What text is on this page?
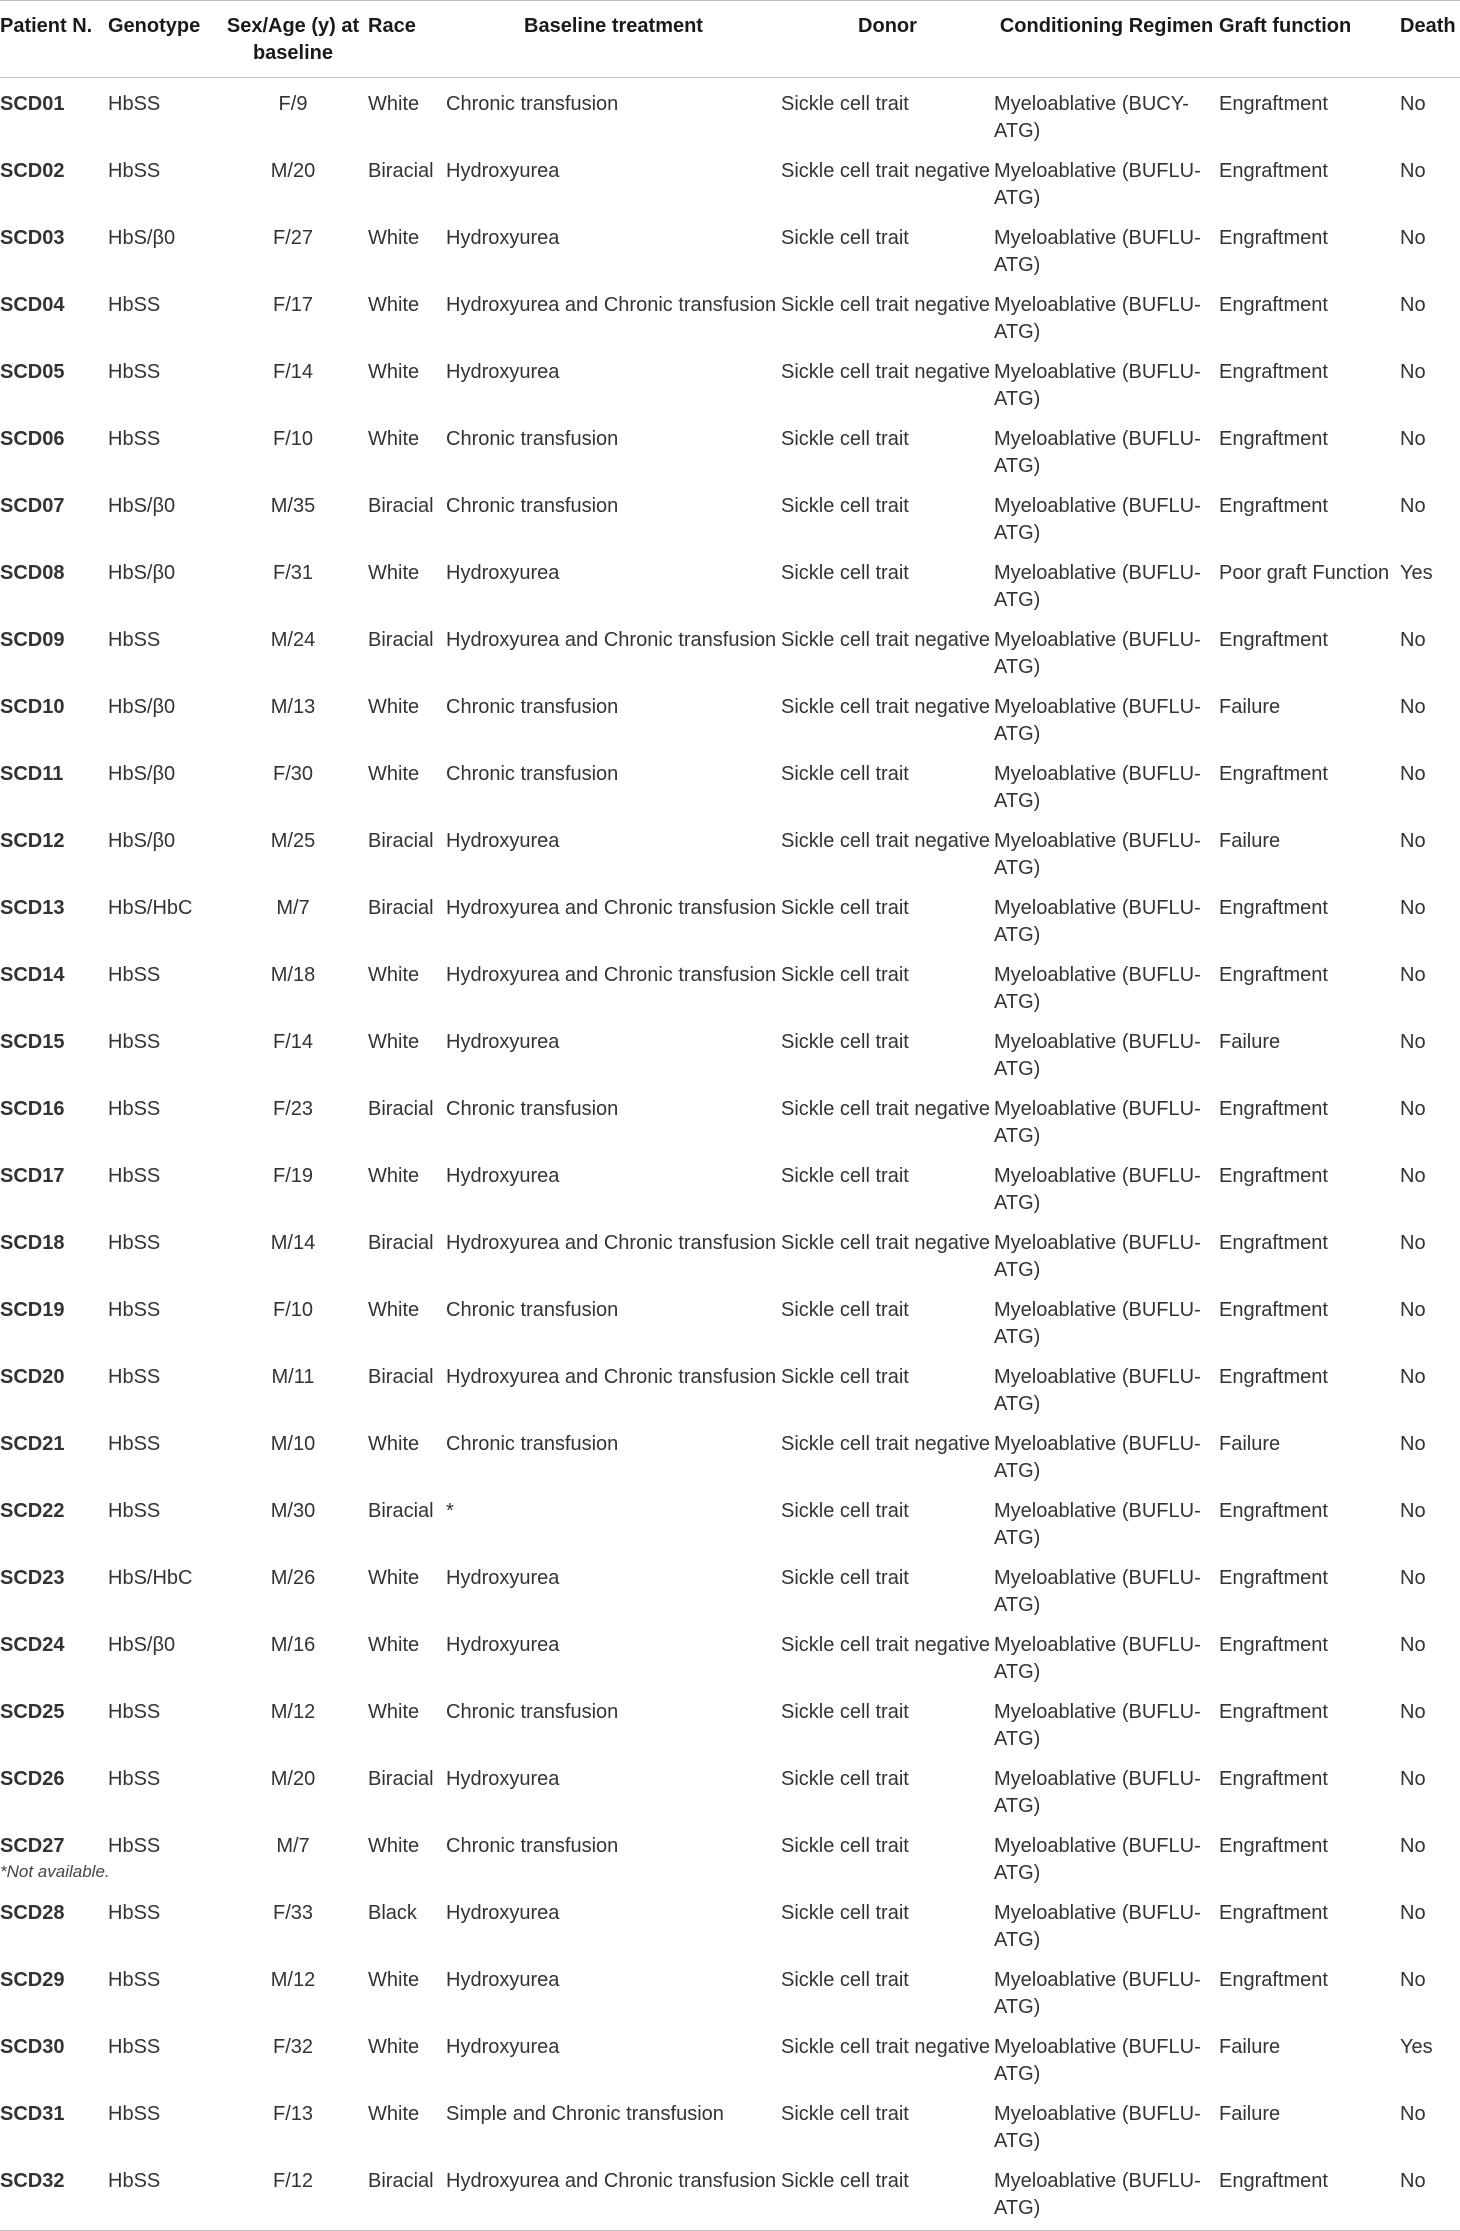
Patient N.	Genotype	Sex/Age (y) at baseline	Race	Baseline treatment	Donor	Conditioning Regimen	Graft function	Death
SCD01	HbSS	F/9	White	Chronic transfusion	Sickle cell trait	Myeloablative (BUCY-ATG)	Engraftment	No
SCD02	HbSS	M/20	Biracial	Hydroxyurea	Sickle cell trait negative	Myeloablative (BUFLU-ATG)	Engraftment	No
SCD03	HbS/β0	F/27	White	Hydroxyurea	Sickle cell trait	Myeloablative (BUFLU-ATG)	Engraftment	No
SCD04	HbSS	F/17	White	Hydroxyurea and Chronic transfusion	Sickle cell trait negative	Myeloablative (BUFLU-ATG)	Engraftment	No
SCD05	HbSS	F/14	White	Hydroxyurea	Sickle cell trait negative	Myeloablative (BUFLU-ATG)	Engraftment	No
SCD06	HbSS	F/10	White	Chronic transfusion	Sickle cell trait	Myeloablative (BUFLU-ATG)	Engraftment	No
SCD07	HbS/β0	M/35	Biracial	Chronic transfusion	Sickle cell trait	Myeloablative (BUFLU-ATG)	Engraftment	No
SCD08	HbS/β0	F/31	White	Hydroxyurea	Sickle cell trait	Myeloablative (BUFLU-ATG)	Poor graft Function	Yes
SCD09	HbSS	M/24	Biracial	Hydroxyurea and Chronic transfusion	Sickle cell trait negative	Myeloablative (BUFLU-ATG)	Engraftment	No
SCD10	HbS/β0	M/13	White	Chronic transfusion	Sickle cell trait negative	Myeloablative (BUFLU-ATG)	Failure	No
SCD11	HbS/β0	F/30	White	Chronic transfusion	Sickle cell trait	Myeloablative (BUFLU-ATG)	Engraftment	No
SCD12	HbS/β0	M/25	Biracial	Hydroxyurea	Sickle cell trait negative	Myeloablative (BUFLU-ATG)	Failure	No
SCD13	HbS/HbC	M/7	Biracial	Hydroxyurea and Chronic transfusion	Sickle cell trait	Myeloablative (BUFLU-ATG)	Engraftment	No
SCD14	HbSS	M/18	White	Hydroxyurea and Chronic transfusion	Sickle cell trait	Myeloablative (BUFLU-ATG)	Engraftment	No
SCD15	HbSS	F/14	White	Hydroxyurea	Sickle cell trait	Myeloablative (BUFLU-ATG)	Failure	No
SCD16	HbSS	F/23	Biracial	Chronic transfusion	Sickle cell trait negative	Myeloablative (BUFLU-ATG)	Engraftment	No
SCD17	HbSS	F/19	White	Hydroxyurea	Sickle cell trait	Myeloablative (BUFLU-ATG)	Engraftment	No
SCD18	HbSS	M/14	Biracial	Hydroxyurea and Chronic transfusion	Sickle cell trait negative	Myeloablative (BUFLU-ATG)	Engraftment	No
SCD19	HbSS	F/10	White	Chronic transfusion	Sickle cell trait	Myeloablative (BUFLU-ATG)	Engraftment	No
SCD20	HbSS	M/11	Biracial	Hydroxyurea and Chronic transfusion	Sickle cell trait	Myeloablative (BUFLU-ATG)	Engraftment	No
SCD21	HbSS	M/10	White	Chronic transfusion	Sickle cell trait negative	Myeloablative (BUFLU-ATG)	Failure	No
SCD22	HbSS	M/30	Biracial	*	Sickle cell trait	Myeloablative (BUFLU-ATG)	Engraftment	No
SCD23	HbS/HbC	M/26	White	Hydroxyurea	Sickle cell trait	Myeloablative (BUFLU-ATG)	Engraftment	No
SCD24	HbS/β0	M/16	White	Hydroxyurea	Sickle cell trait negative	Myeloablative (BUFLU-ATG)	Engraftment	No
SCD25	HbSS	M/12	White	Chronic transfusion	Sickle cell trait	Myeloablative (BUFLU-ATG)	Engraftment	No
SCD26	HbSS	M/20	Biracial	Hydroxyurea	Sickle cell trait	Myeloablative (BUFLU-ATG)	Engraftment	No
SCD27	HbSS	M/7	White	Chronic transfusion	Sickle cell trait	Myeloablative (BUFLU-ATG)	Engraftment	No
SCD28	HbSS	F/33	Black	Hydroxyurea	Sickle cell trait	Myeloablative (BUFLU-ATG)	Engraftment	No
SCD29	HbSS	M/12	White	Hydroxyurea	Sickle cell trait	Myeloablative (BUFLU-ATG)	Engraftment	No
SCD30	HbSS	F/32	White	Hydroxyurea	Sickle cell trait negative	Myeloablative (BUFLU-ATG)	Failure	Yes
SCD31	HbSS	F/13	White	Simple and Chronic transfusion	Sickle cell trait	Myeloablative (BUFLU-ATG)	Failure	No
SCD32	HbSS	F/12	Biracial	Hydroxyurea and Chronic transfusion	Sickle cell trait	Myeloablative (BUFLU-ATG)	Engraftment	No
*Not available.
